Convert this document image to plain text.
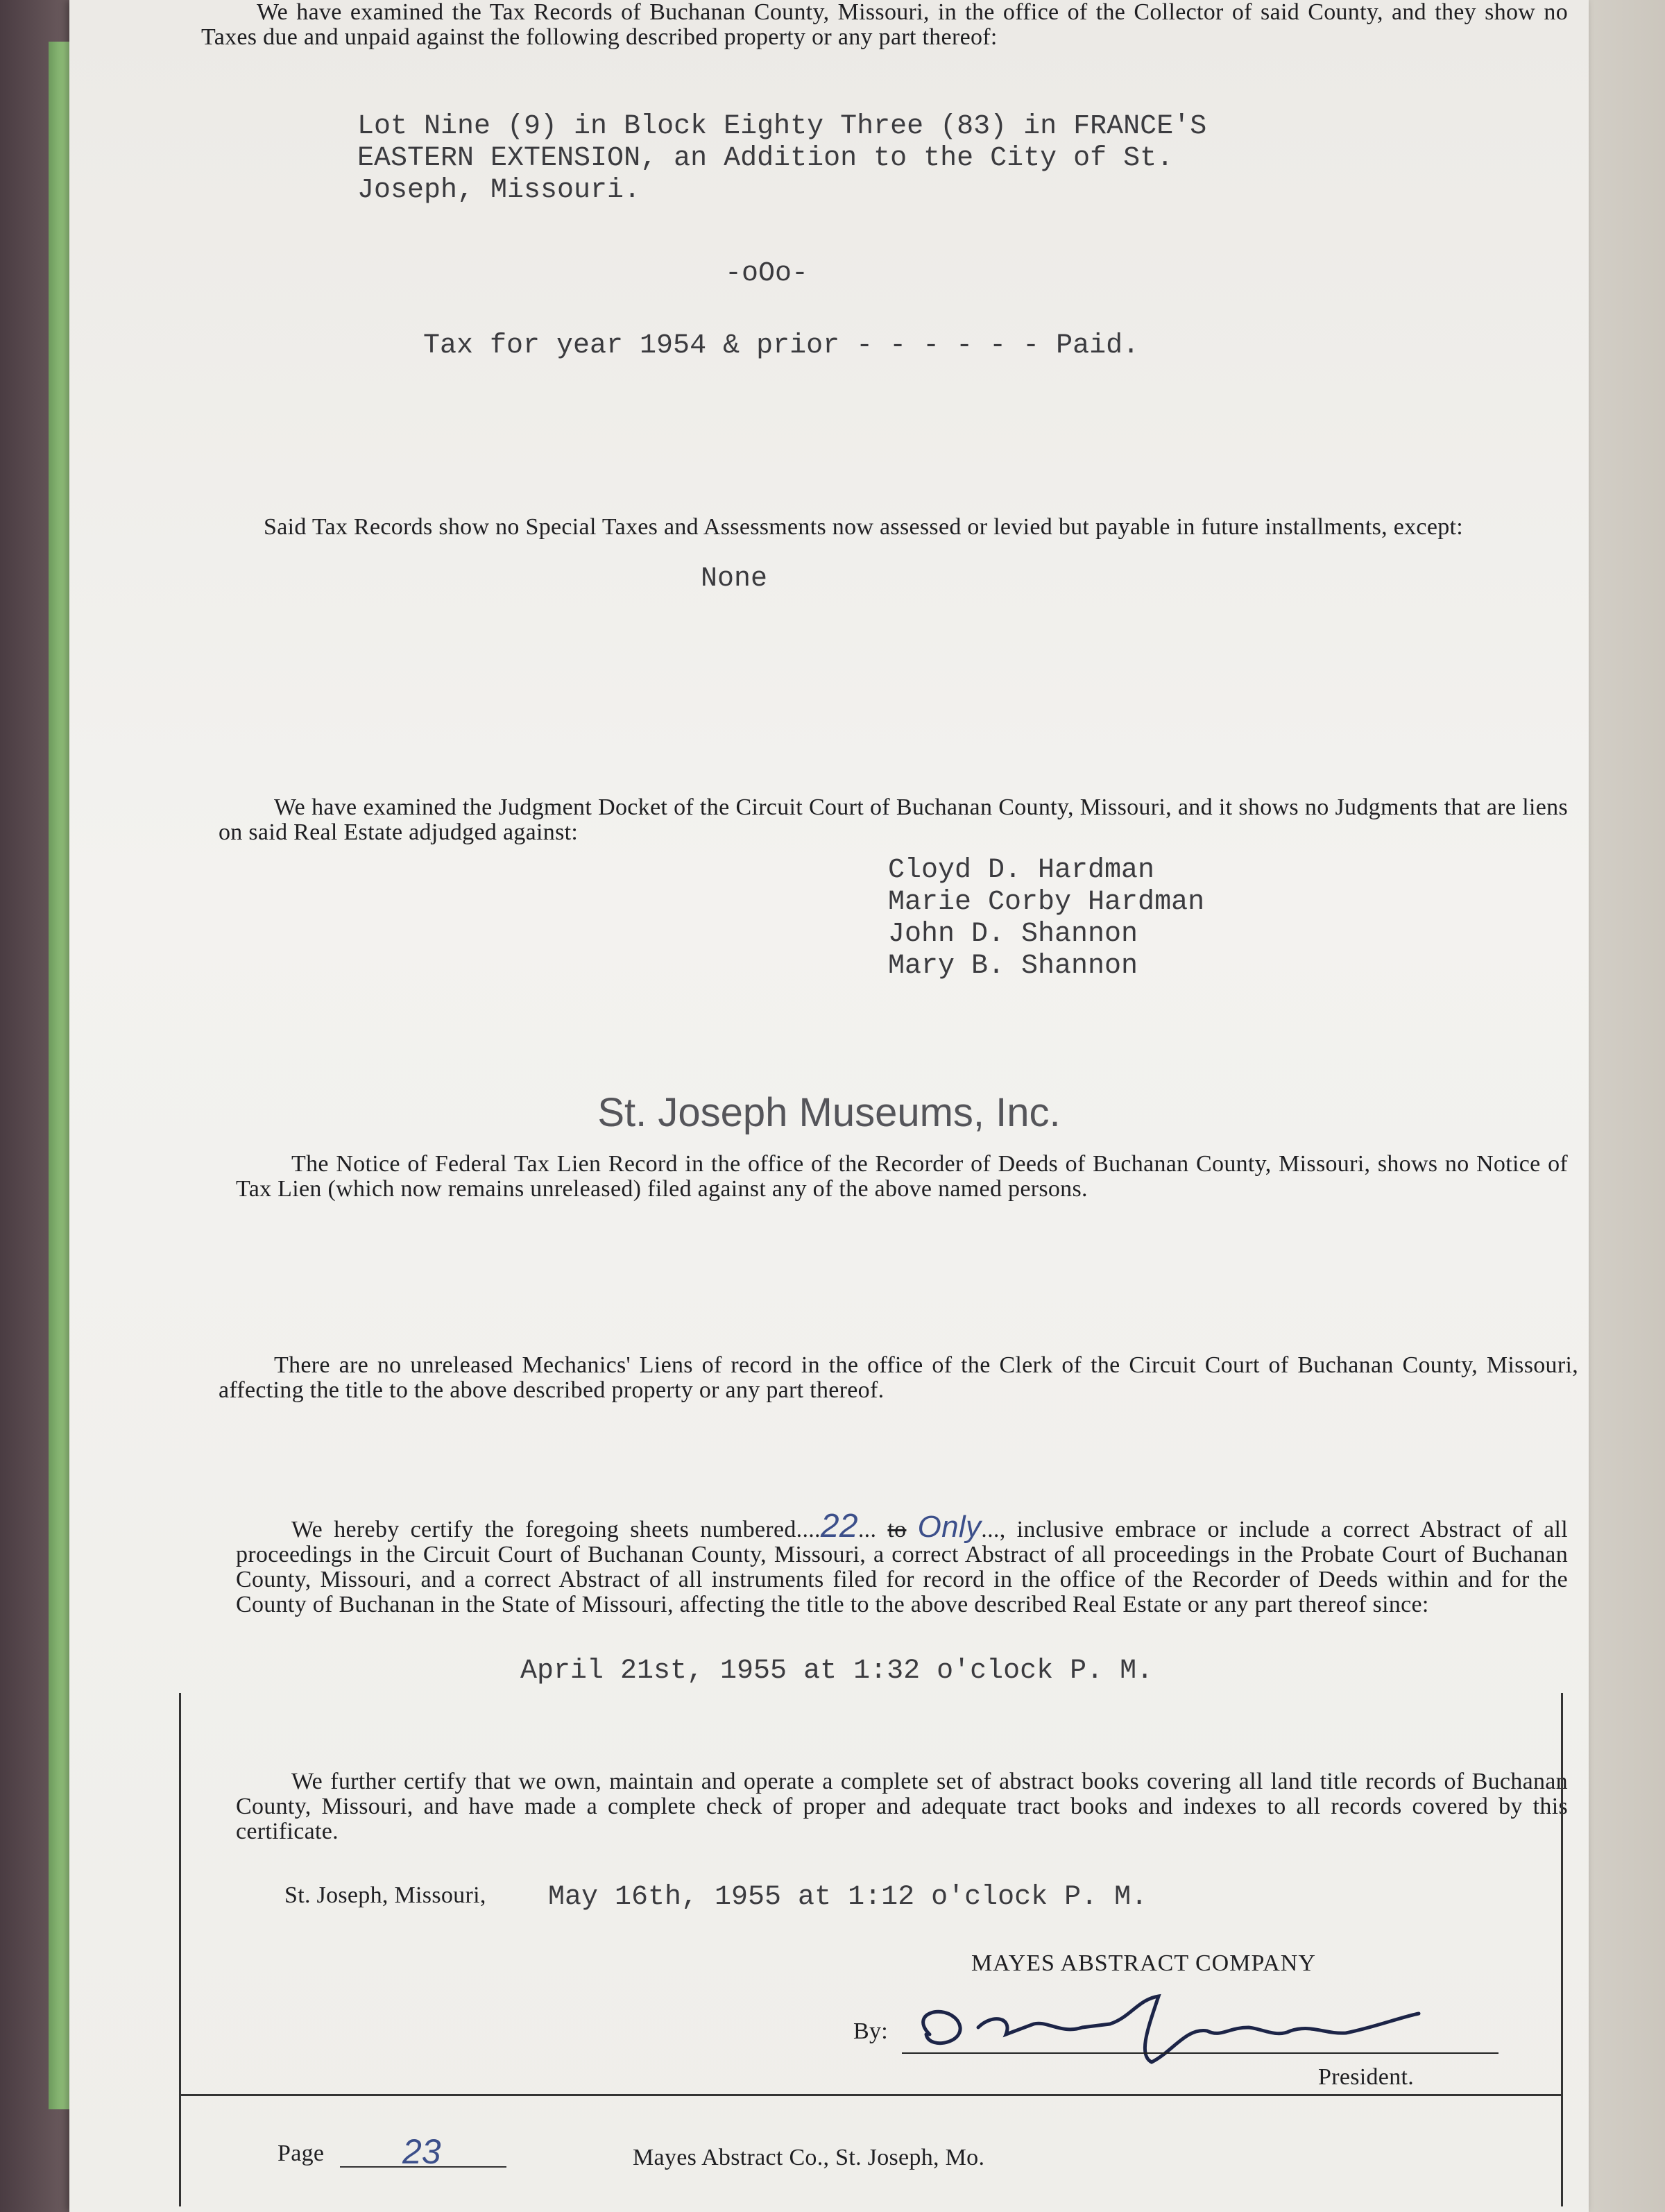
We have examined the Tax Records of Buchanan County, Missouri, in the office of the Collector of said County, and they show no Taxes due and unpaid against the following described property or any part thereof:
Lot Nine (9) in Block Eighty Three (83) in FRANCE'S
EASTERN EXTENSION, an Addition to the City of St.
Joseph, Missouri.
-oOo-
Tax for year 1954 & prior - - - - - - Paid.
Said Tax Records show no Special Taxes and Assessments now assessed or levied but payable in future installments, except:
None
We have examined the Judgment Docket of the Circuit Court of Buchanan County, Missouri, and it shows no Judgments that are liens on said Real Estate adjudged against:
Cloyd D. Hardman
Marie Corby Hardman
John D. Shannon
Mary B. Shannon
St. Joseph Museums, Inc.
The Notice of Federal Tax Lien Record in the office of the Recorder of Deeds of Buchanan County, Missouri, shows no Notice of Tax Lien (which now remains unreleased) filed against any of the above named persons.
There are no unreleased Mechanics' Liens of record in the office of the Clerk of the Circuit Court of Buchanan County, Missouri, affecting the title to the above described property or any part thereof.
We hereby certify the foregoing sheets numbered....22... to Only..., inclusive embrace or include a correct Abstract of all proceedings in the Circuit Court of Buchanan County, Missouri, a correct Abstract of all proceedings in the Probate Court of Buchanan County, Missouri, and a correct Abstract of all instruments filed for record in the office of the Recorder of Deeds within and for the County of Buchanan in the State of Missouri, affecting the title to the above described Real Estate or any part thereof since:
April 21st, 1955 at 1:32 o'clock P. M.
We further certify that we own, maintain and operate a complete set of abstract books covering all land title records of Buchanan County, Missouri, and have made a complete check of proper and adequate tract books and indexes to all records covered by this certificate.
St. Joseph, Missouri, May 16th, 1955 at 1:12 o'clock P. M.
MAYES ABSTRACT COMPANY
By:
President.
Page 23	Mayes Abstract Co., St. Joseph, Mo.
